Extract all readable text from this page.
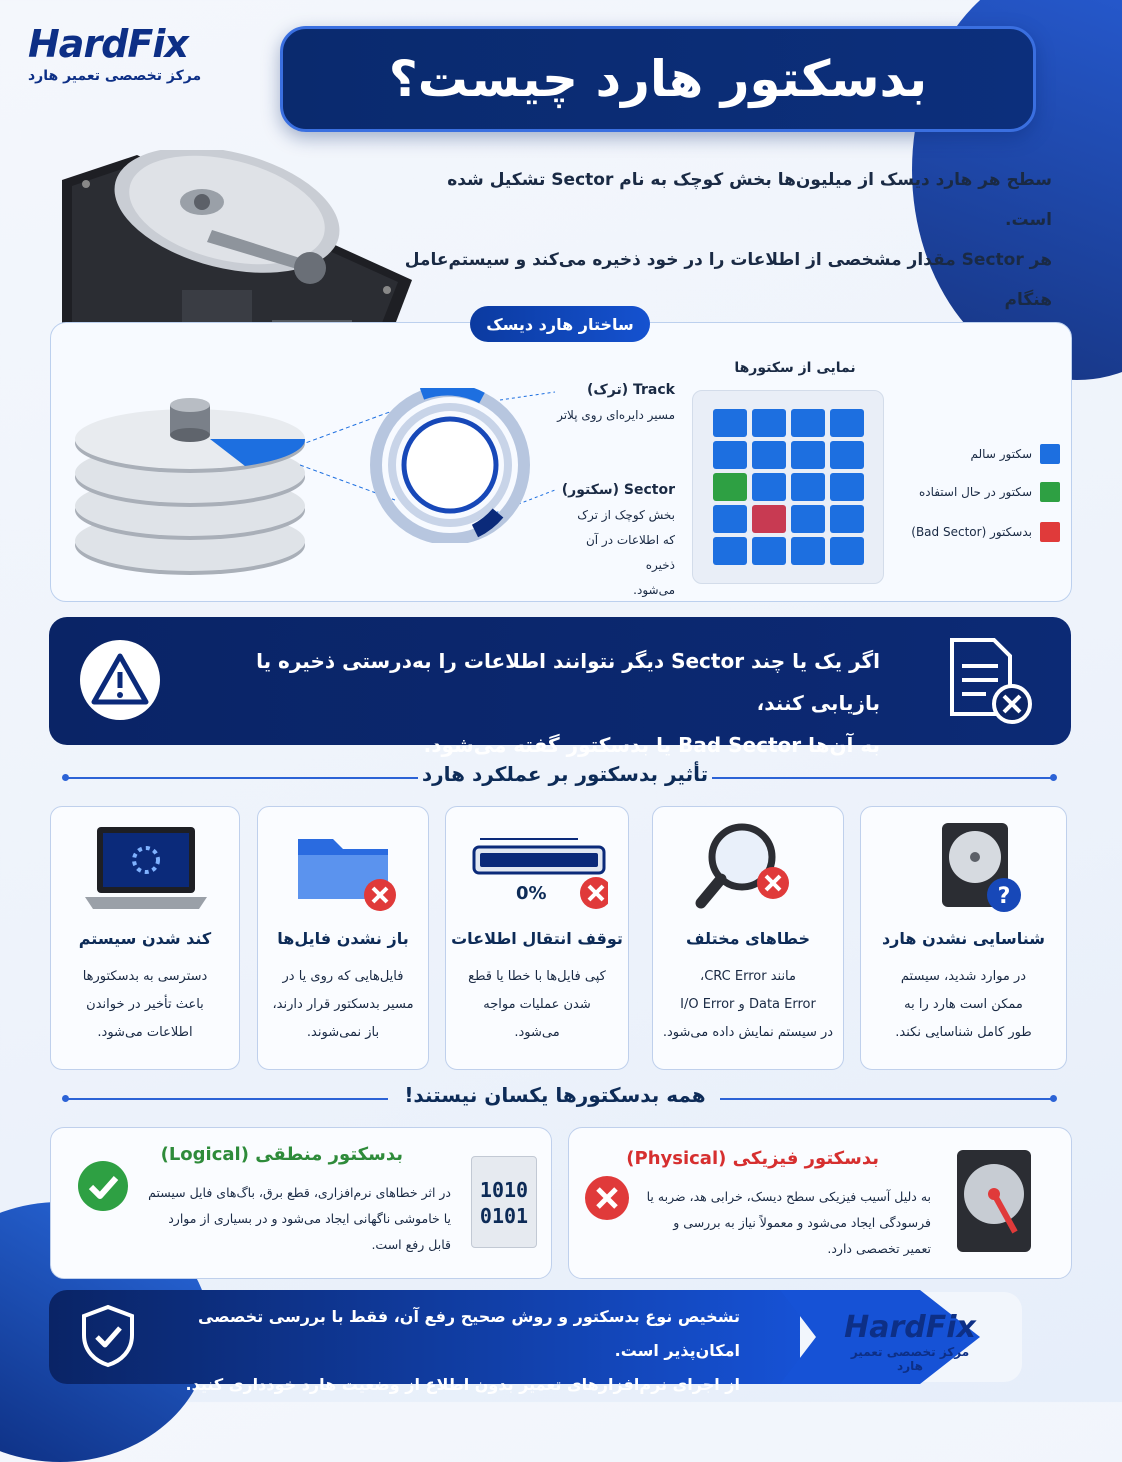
HardFix
مرکز تخصصی تعمیر هارد	بدسکتور هارد چیست؟
سطح هر هارد دیسک از میلیون‌ها بخش کوچک به نام Sector تشکیل شده است.
هر Sector مقدار مشخصی از اطلاعات را در خود ذخیره می‌کند و سیستم‌عامل هنگام
ساختار هارد دیسک
Track (ترک)
مسیر دایره‌ای روی پلاتر
Sector (سکتور)
بخش کوچک از ترک
که اطلاعات در آن ذخیره
می‌شود.
نمایی از سکتورها
سکتور سالم
سکتور در حال استفاده
بدسکتور (Bad Sector)
اگر یک یا چند Sector دیگر نتوانند اطلاعات را به‌درستی ذخیره یا بازیابی کنند،
به آن‌ها Bad Sector یا بدسکتور گفته می‌شود.
تأثیر بدسکتور بر عملکرد هارد
?
شناسایی نشدن هارد
در موارد شدید، سیستم
ممکن است هارد را به
طور کامل شناسایی نکند.
خطاهای مختلف
مانند CRC Error،
Data Error و I/O Error
در سیستم نمایش داده می‌شود.
0%
توقف انتقال اطلاعات
کپی فایل‌ها با خطا یا قطع
شدن عملیات مواجه
می‌شود.
باز نشدن فایل‌ها
فایل‌هایی که روی یا در
مسیر بدسکتور قرار دارند،
باز نمی‌شوند.
کند شدن سیستم
دسترسی به بدسکتورها
باعث تأخیر در خواندن
اطلاعات می‌شود.
همه بدسکتورها یکسان نیستند!
بدسکتور منطقی (Logical)
در اثر خطاهای نرم‌افزاری، قطع برق، باگ‌های فایل سیستم
یا خاموشی ناگهانی ایجاد می‌شود و در بسیاری از موارد
قابل رفع است.
1010
0101
بدسکتور فیزیکی (Physical)
به دلیل آسیب فیزیکی سطح دیسک، خرابی هد، ضربه یا
فرسودگی ایجاد می‌شود و معمولاً نیاز به بررسی و
تعمیر تخصصی دارد.
تشخیص نوع بدسکتور و روش صحیح رفع آن، فقط با بررسی تخصصی امکان‌پذیر است.
از اجرای نرم‌افزارهای تعمیر بدون اطلاع از وضعیت هارد خودداری کنید.
HardFix
مرکز تخصصی تعمیر هارد
